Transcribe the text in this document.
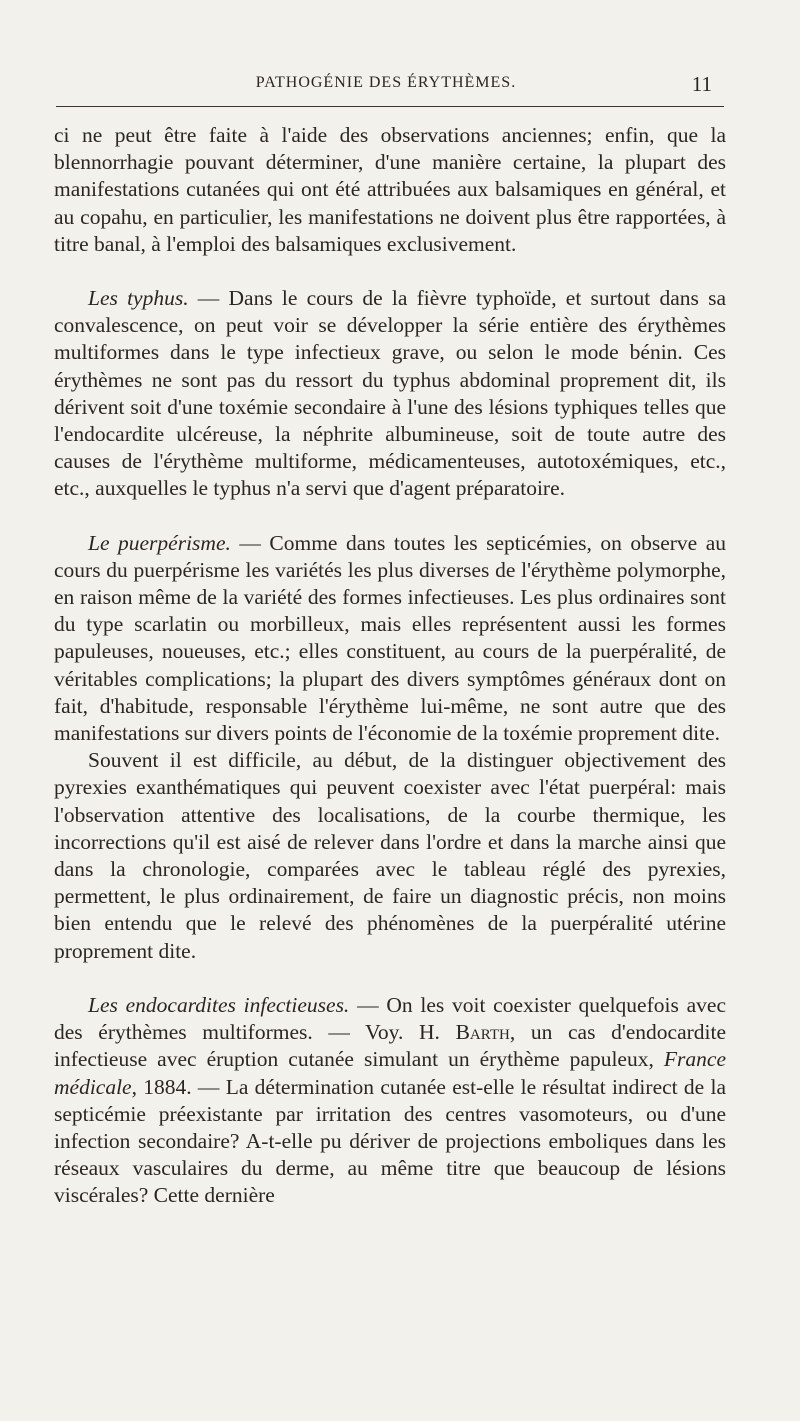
PATHOGÉNIE DES ÉRYTHÈMES.	11

ci ne peut être faite à l'aide des observations anciennes; enfin, que la blennorrhagie pouvant déterminer, d'une manière certaine, la plupart des manifestations cutanées qui ont été attribuées aux balsamiques en général, et au copahu, en particulier, les manifestations ne doivent plus être rapportées, à titre banal, à l'emploi des balsamiques exclusivement.

Les typhus. — Dans le cours de la fièvre typhoïde, et surtout dans sa convalescence, on peut voir se développer la série entière des érythèmes multiformes dans le type infectieux grave, ou selon le mode bénin. Ces érythèmes ne sont pas du ressort du typhus abdominal proprement dit, ils dérivent soit d'une toxémie secondaire à l'une des lésions typhiques telles que l'endocardite ulcéreuse, la néphrite albumineuse, soit de toute autre des causes de l'érythème multiforme, médicamenteuses, autotoxémiques, etc., etc., auxquelles le typhus n'a servi que d'agent préparatoire.

Le puerpérisme. — Comme dans toutes les septicémies, on observe au cours du puerpérisme les variétés les plus diverses de l'érythème polymorphe, en raison même de la variété des formes infectieuses. Les plus ordinaires sont du type scarlatin ou morbilleux, mais elles représentent aussi les formes papuleuses, noueuses, etc.; elles constituent, au cours de la puerpéralité, de véritables complications; la plupart des divers symptômes généraux dont on fait, d'habitude, responsable l'érythème lui-même, ne sont autre que des manifestations sur divers points de l'économie de la toxémie proprement dite.

Souvent il est difficile, au début, de la distinguer objectivement des pyrexies exanthématiques qui peuvent coexister avec l'état puerpéral: mais l'observation attentive des localisations, de la courbe thermique, les incorrections qu'il est aisé de relever dans l'ordre et dans la marche ainsi que dans la chronologie, comparées avec le tableau réglé des pyrexies, permettent, le plus ordinairement, de faire un diagnostic précis, non moins bien entendu que le relevé des phénomènes de la puerpéralité utérine proprement dite.

Les endocardites infectieuses. — On les voit coexister quelquefois avec des érythèmes multiformes. — Voy. H. Barth, un cas d'endocardite infectieuse avec éruption cutanée simulant un érythème papuleux, France médicale, 1884. — La détermination cutanée est-elle le résultat indirect de la septicémie préexistante par irritation des centres vasomoteurs, ou d'une infection secondaire? A-t-elle pu dériver de projections emboliques dans les réseaux vasculaires du derme, au même titre que beaucoup de lésions viscérales? Cette dernière
